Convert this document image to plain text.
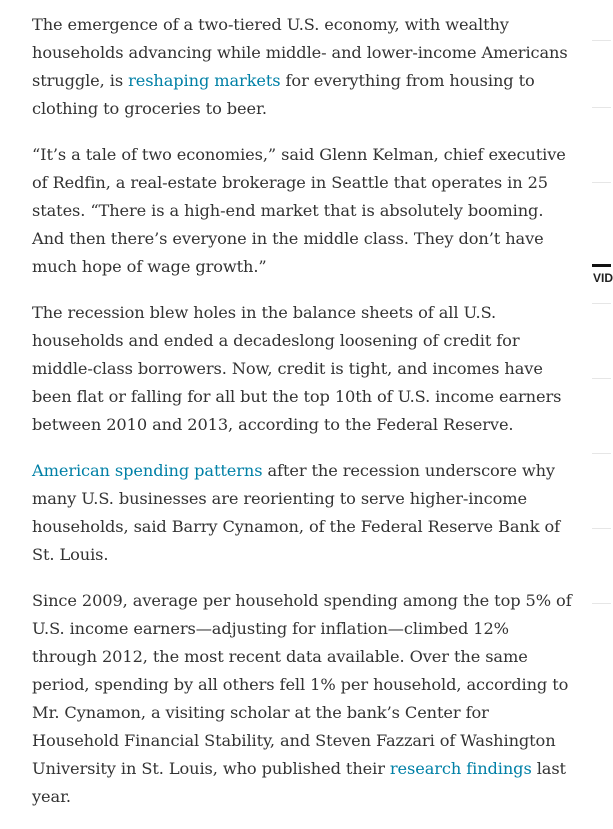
The emergence of a two-tiered U.S. economy, with wealthy households advancing while middle- and lower-income Americans struggle, is reshaping markets for everything from housing to clothing to groceries to beer.

“It’s a tale of two economies,” said Glenn Kelman, chief executive of Redfin, a real-estate brokerage in Seattle that operates in 25 states. “There is a high-end market that is absolutely booming. And then there’s everyone in the middle class. They don’t have much hope of wage growth.”

The recession blew holes in the balance sheets of all U.S. households and ended a decadeslong loosening of credit for middle-class borrowers. Now, credit is tight, and incomes have been flat or falling for all but the top 10th of U.S. income earners between 2010 and 2013, according to the Federal Reserve.

American spending patterns after the recession underscore why many U.S. businesses are reorienting to serve higher-income households, said Barry Cynamon, of the Federal Reserve Bank of St. Louis.

Since 2009, average per household spending among the top 5% of U.S. income earners—adjusting for inflation—climbed 12% through 2012, the most recent data available. Over the same period, spending by all others fell 1% per household, according to Mr. Cynamon, a visiting scholar at the bank’s Center for Household Financial Stability, and Steven Fazzari of Washington University in St. Louis, who published their research findings last year.

VID
